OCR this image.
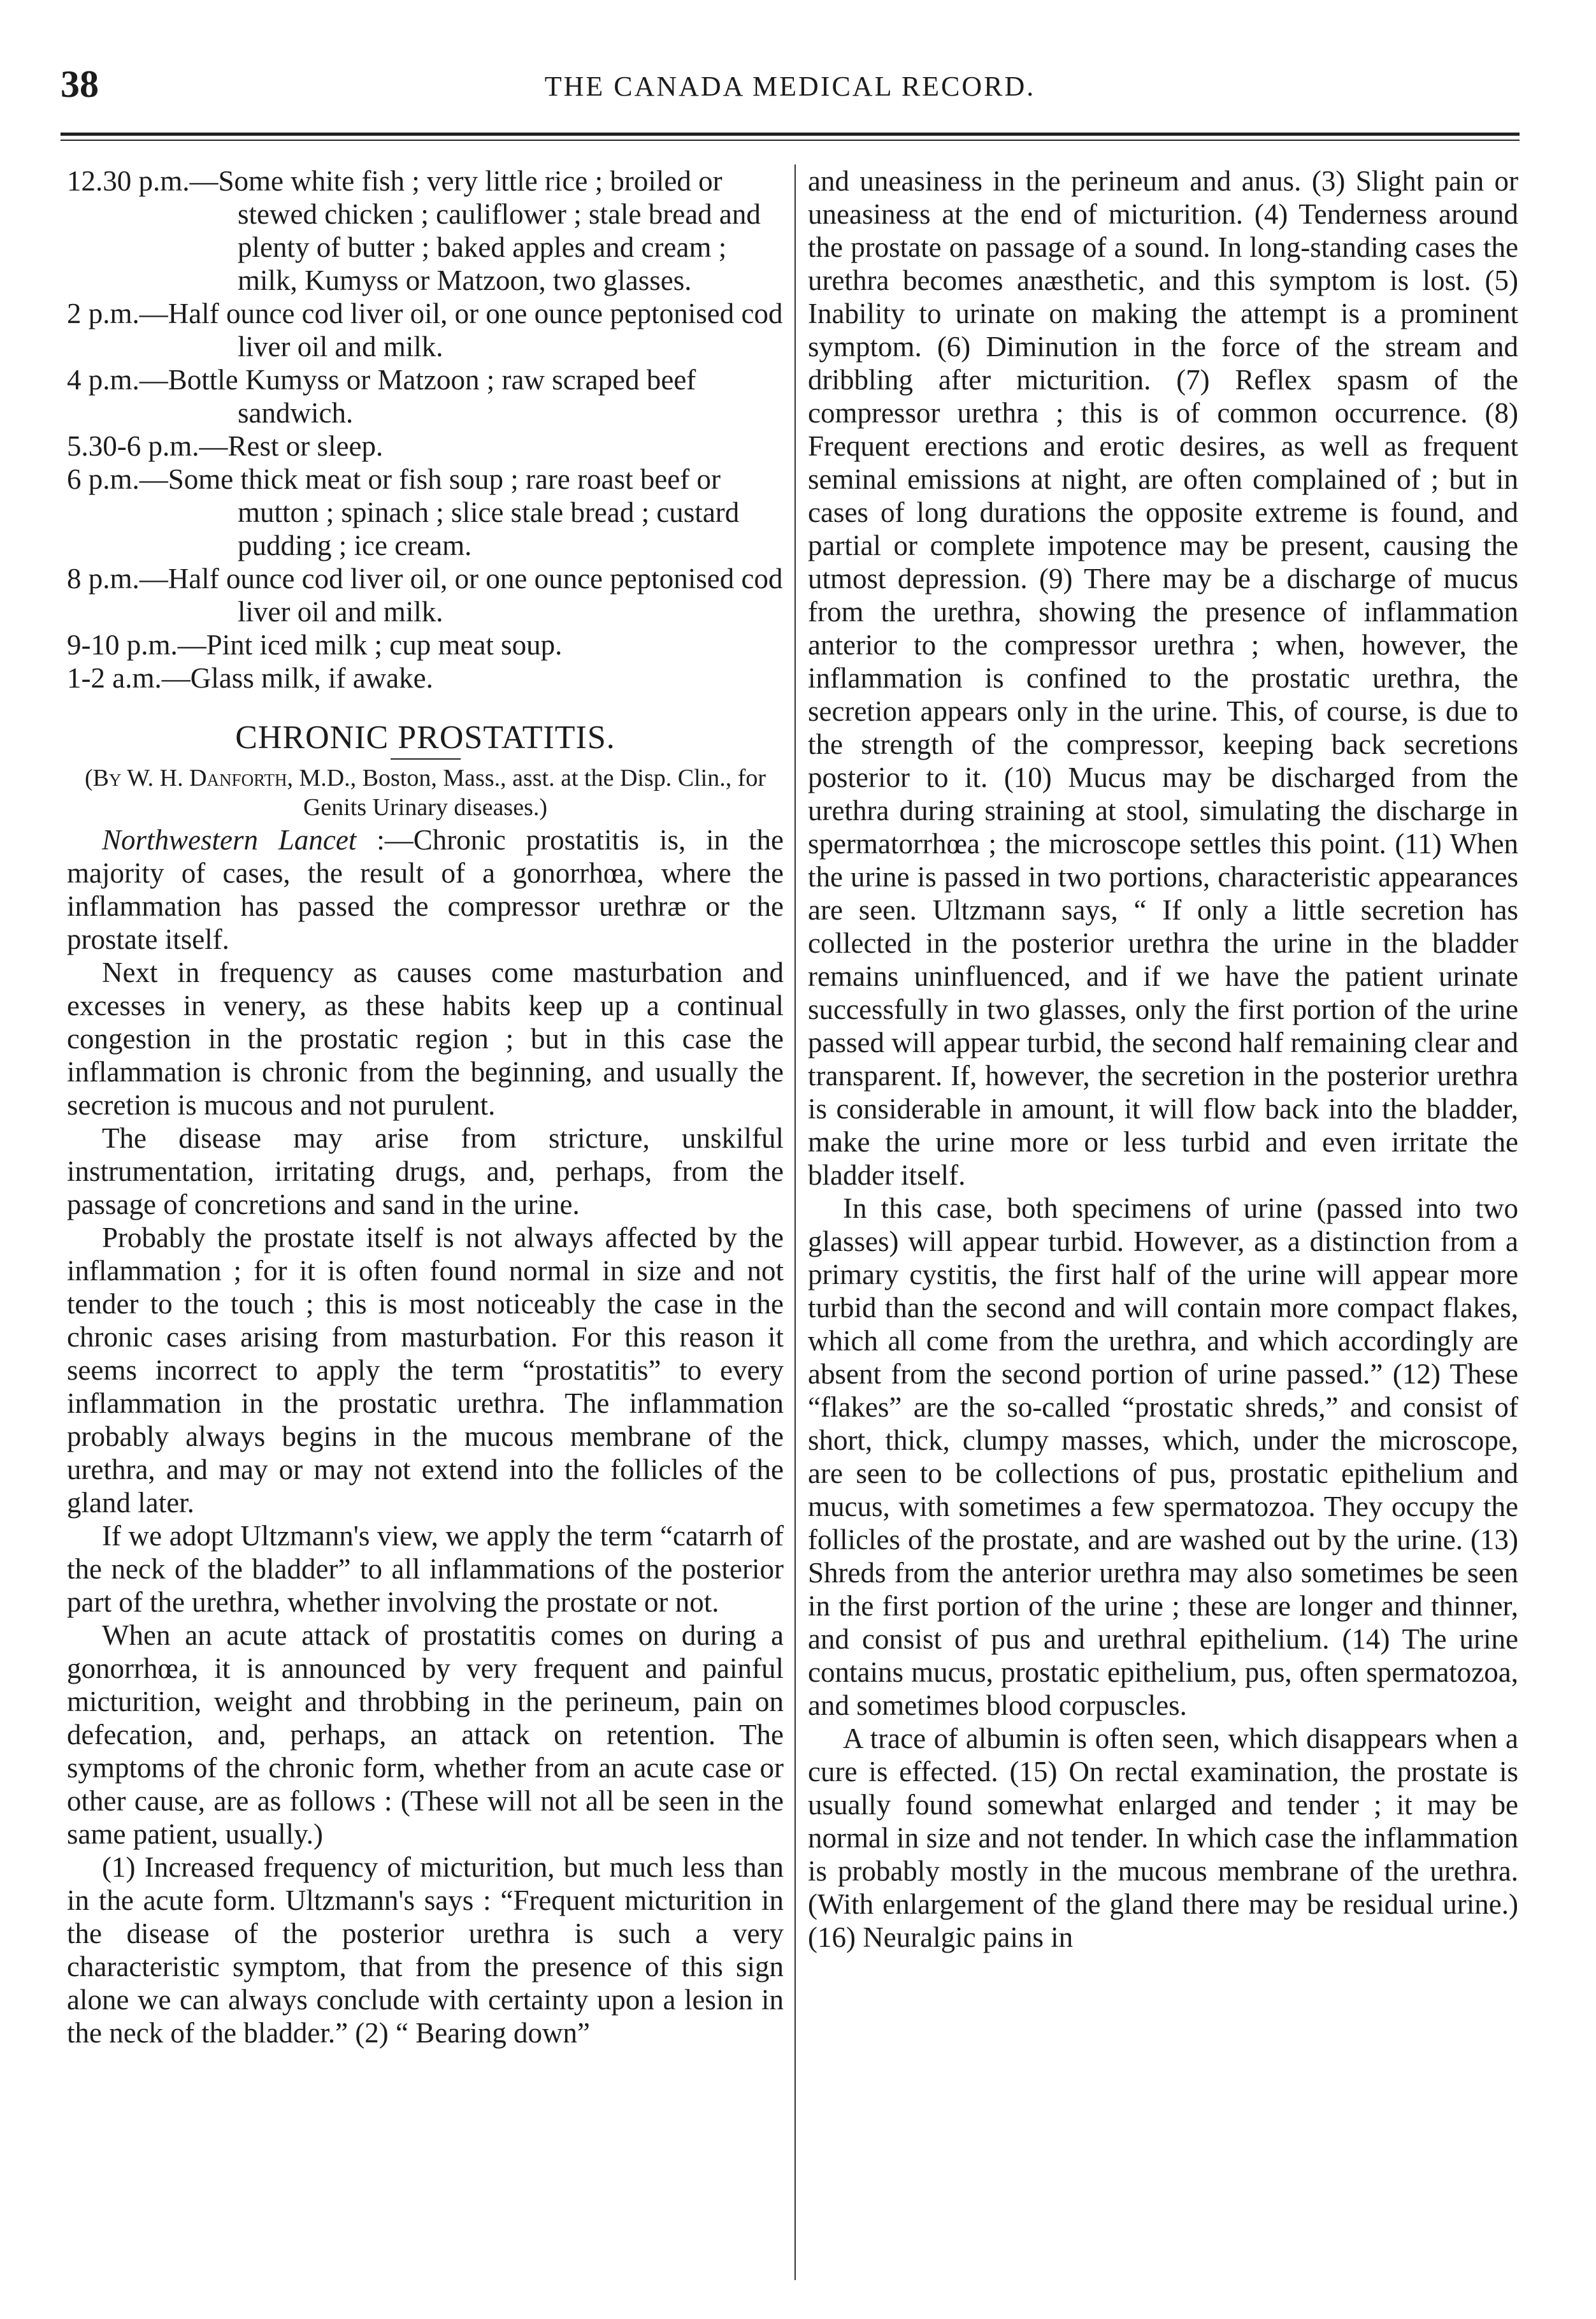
38	THE CANADA MEDICAL RECORD.
12.30 p.m.—Some white fish ; very little rice ; broiled or stewed chicken ; cauliflower ; stale bread and plenty of butter ; baked apples and cream ; milk, Kumyss or Matzoon, two glasses.
2 p.m.—Half ounce cod liver oil, or one ounce peptonised cod liver oil and milk.
4 p.m.—Bottle Kumyss or Matzoon ; raw scraped beef sandwich.
5.30-6 p.m.—Rest or sleep.
6 p.m.—Some thick meat or fish soup ; rare roast beef or mutton ; spinach ; slice stale bread ; custard pudding ; ice cream.
8 p.m.—Half ounce cod liver oil, or one ounce peptonised cod liver oil and milk.
9-10 p.m.—Pint iced milk ; cup meat soup.
1-2 a.m.—Glass milk, if awake.
CHRONIC PROSTATITIS.
(By W. H. Danforth, M.D., Boston, Mass., asst. at the Disp. Clin., for Genits Urinary diseases.)

Northwestern Lancet :—Chronic prostatitis is, in the majority of cases, the result of a gonorrhœa, where the inflammation has passed the compressor urethræ or the prostate itself.

Next in frequency as causes come masturbation and excesses in venery, as these habits keep up a continual congestion in the prostatic region ; but in this case the inflammation is chronic from the beginning, and usually the secretion is mucous and not purulent.

The disease may arise from stricture, unskilful instrumentation, irritating drugs, and, perhaps, from the passage of concretions and sand in the urine.

Probably the prostate itself is not always affected by the inflammation ; for it is often found normal in size and not tender to the touch ; this is most noticeably the case in the chronic cases arising from masturbation. For this reason it seems incorrect to apply the term “prostatitis” to every inflammation in the prostatic urethra. The inflammation probably always begins in the mucous membrane of the urethra, and may or may not extend into the follicles of the gland later.

If we adopt Ultzmann's view, we apply the term “catarrh of the neck of the bladder” to all inflammations of the posterior part of the urethra, whether involving the prostate or not.

When an acute attack of prostatitis comes on during a gonorrhœa, it is announced by very frequent and painful micturition, weight and throbbing in the perineum, pain on defecation, and, perhaps, an attack on retention. The symptoms of the chronic form, whether from an acute case or other cause, are as follows : (These will not all be seen in the same patient, usually.)

(1) Increased frequency of micturition, but much less than in the acute form. Ultzmann's says : “Frequent micturition in the disease of the posterior urethra is such a very characteristic symptom, that from the presence of this sign alone we can always conclude with certainty upon a lesion in the neck of the bladder.” (2) “ Bearing down”

and uneasiness in the perineum and anus. (3) Slight pain or uneasiness at the end of micturition. (4) Tenderness around the prostate on passage of a sound. In long-standing cases the urethra becomes anæsthetic, and this symptom is lost. (5) Inability to urinate on making the attempt is a prominent symptom. (6) Diminution in the force of the stream and dribbling after micturition. (7) Reflex spasm of the compressor urethra ; this is of common occurrence. (8) Frequent erections and erotic desires, as well as frequent seminal emissions at night, are often complained of ; but in cases of long durations the opposite extreme is found, and partial or complete impotence may be present, causing the utmost depression. (9) There may be a discharge of mucus from the urethra, showing the presence of inflammation anterior to the compressor urethra ; when, however, the inflammation is confined to the prostatic urethra, the secretion appears only in the urine. This, of course, is due to the strength of the compressor, keeping back secretions posterior to it. (10) Mucus may be discharged from the urethra during straining at stool, simulating the discharge in spermatorrhœa ; the microscope settles this point. (11) When the urine is passed in two portions, characteristic appearances are seen. Ultzmann says, “ If only a little secretion has collected in the posterior urethra the urine in the bladder remains uninfluenced, and if we have the patient urinate successfully in two glasses, only the first portion of the urine passed will appear turbid, the second half remaining clear and transparent. If, however, the secretion in the posterior urethra is considerable in amount, it will flow back into the bladder, make the urine more or less turbid and even irritate the bladder itself.

In this case, both specimens of urine (passed into two glasses) will appear turbid. However, as a distinction from a primary cystitis, the first half of the urine will appear more turbid than the second and will contain more compact flakes, which all come from the urethra, and which accordingly are absent from the second portion of urine passed.” (12) These “flakes” are the so-called “prostatic shreds,” and consist of short, thick, clumpy masses, which, under the microscope, are seen to be collections of pus, prostatic epithelium and mucus, with sometimes a few spermatozoa. They occupy the follicles of the prostate, and are washed out by the urine. (13) Shreds from the anterior urethra may also sometimes be seen in the first portion of the urine ; these are longer and thinner, and consist of pus and urethral epithelium. (14) The urine contains mucus, prostatic epithelium, pus, often spermatozoa, and sometimes blood corpuscles.

A trace of albumin is often seen, which disappears when a cure is effected. (15) On rectal examination, the prostate is usually found somewhat enlarged and tender ; it may be normal in size and not tender. In which case the inflammation is probably mostly in the mucous membrane of the urethra. (With enlargement of the gland there may be residual urine.) (16) Neuralgic pains in
